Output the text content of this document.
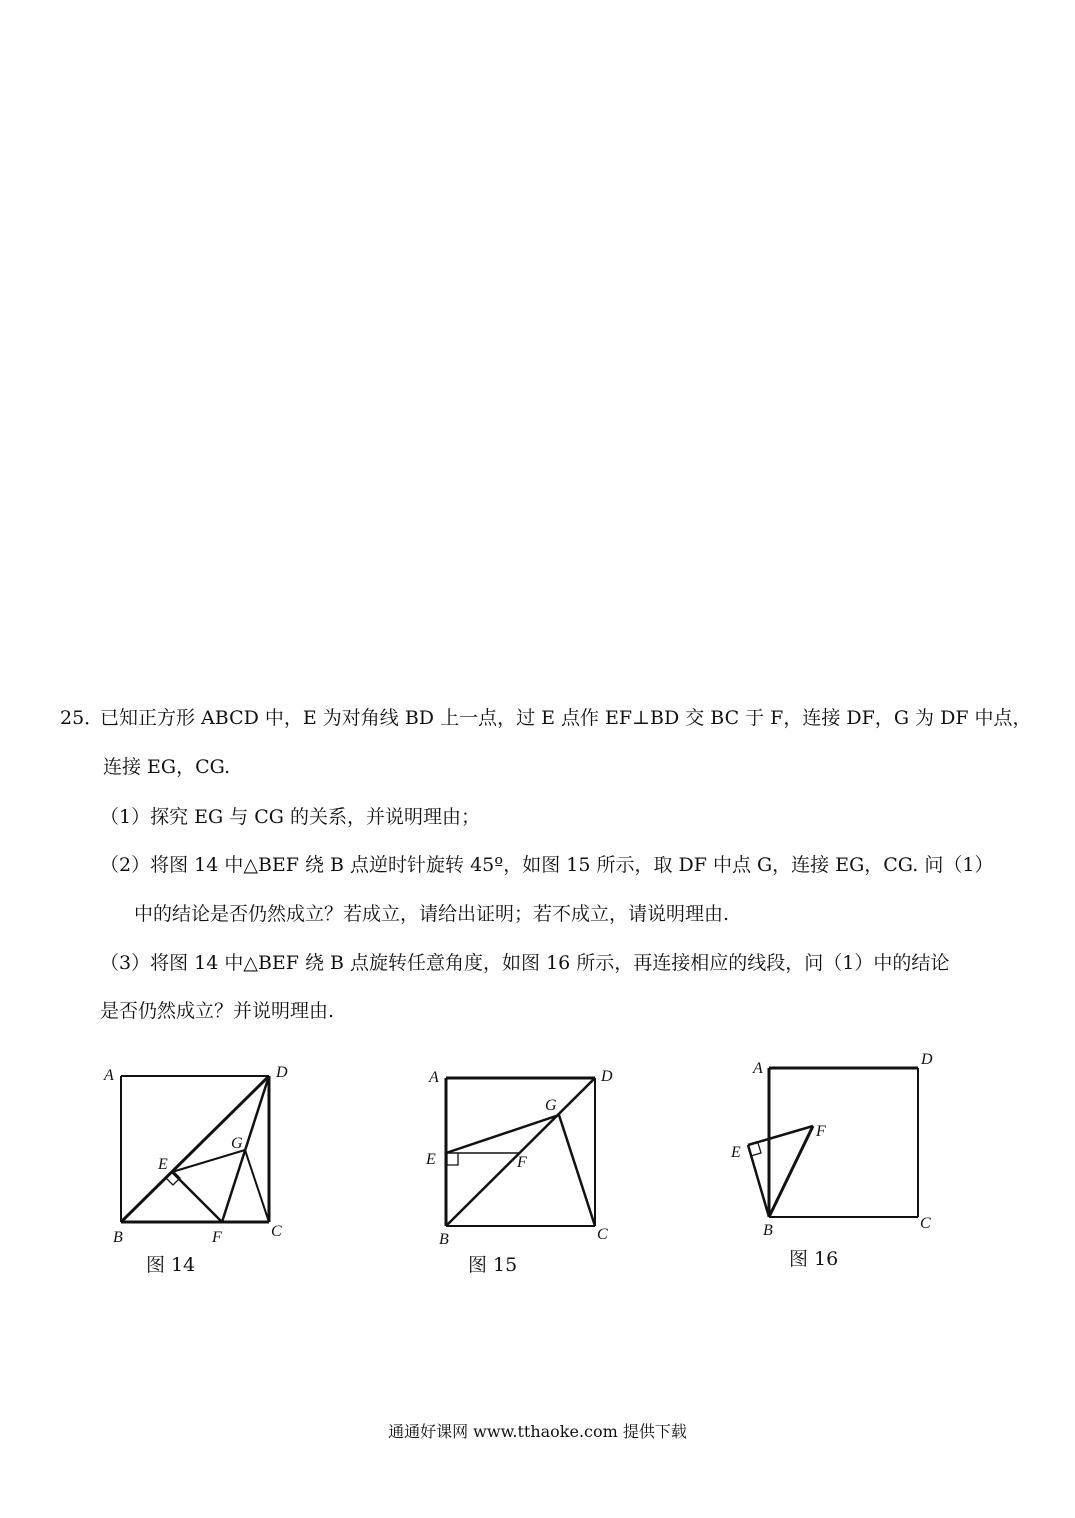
25．
已知正方形 ABCD 中，E 为对角线 BD 上一点，过 E 点作 EF⊥BD 交 BC 于 F，连接 DF，G 为 DF 中点，
连接 EG，CG.
（1）探究 EG 与 CG 的关系，并说明理由；
（2）将图 14 中△BEF 绕 B 点逆时针旋转 45º，如图 15 所示，取 DF 中点 G，连接 EG，CG. 问（1）
中的结论是否仍然成立？若成立，请给出证明；若不成立，请说明理由.
（3）将图 14 中△BEF 绕 B 点旋转任意角度，如图 16 所示，再连接相应的线段，问（1）中的结论
是否仍然成立？并说明理由.
A	D
G
E
B	F	C
图 14
A	D
G
E	F
B	C
图 15
A
D
F
E
B	C
图 16
通通好课网 www.tthaoke.com 提供下载
